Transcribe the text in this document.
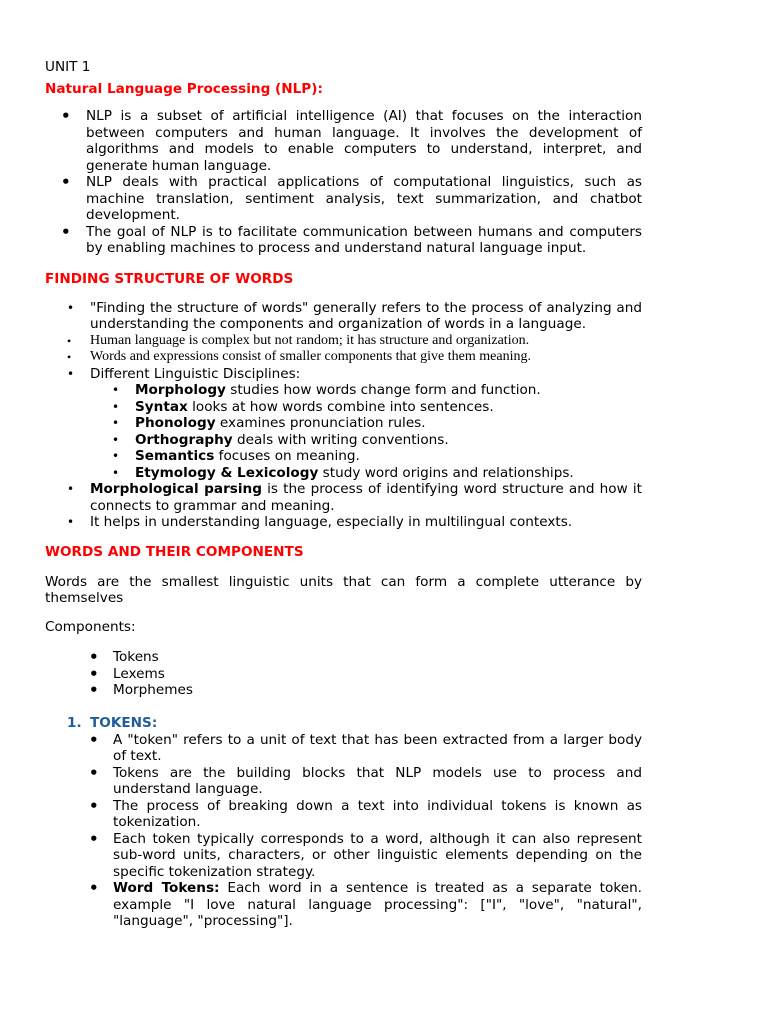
UNIT 1

Natural Language Processing (NLP):

• NLP is a subset of artificial intelligence (AI) that focuses on the interaction between computers and human language. It involves the development of algorithms and models to enable computers to understand, interpret, and generate human language.
• NLP deals with practical applications of computational linguistics, such as machine translation, sentiment analysis, text summarization, and chatbot development.
• The goal of NLP is to facilitate communication between humans and computers by enabling machines to process and understand natural language input.

FINDING STRUCTURE OF WORDS

• "Finding the structure of words" generally refers to the process of analyzing and understanding the components and organization of words in a language.
• Human language is complex but not random; it has structure and organization.
• Words and expressions consist of smaller components that give them meaning.
• Different Linguistic Disciplines:
• Morphology studies how words change form and function.
• Syntax looks at how words combine into sentences.
• Phonology examines pronunciation rules.
• Orthography deals with writing conventions.
• Semantics focuses on meaning.
• Etymology & Lexicology study word origins and relationships.
• Morphological parsing is the process of identifying word structure and how it connects to grammar and meaning.
• It helps in understanding language, especially in multilingual contexts.

WORDS AND THEIR COMPONENTS

Words are the smallest linguistic units that can form a complete utterance by themselves

Components:

• Tokens
• Lexems
• Morphemes

1. TOKENS:

• A "token" refers to a unit of text that has been extracted from a larger body of text.
• Tokens are the building blocks that NLP models use to process and understand language.
• The process of breaking down a text into individual tokens is known as tokenization.
• Each token typically corresponds to a word, although it can also represent sub-word units, characters, or other linguistic elements depending on the specific tokenization strategy.
• Word Tokens: Each word in a sentence is treated as a separate token. example "I love natural language processing": ["I", "love", "natural", "language", "processing"].
